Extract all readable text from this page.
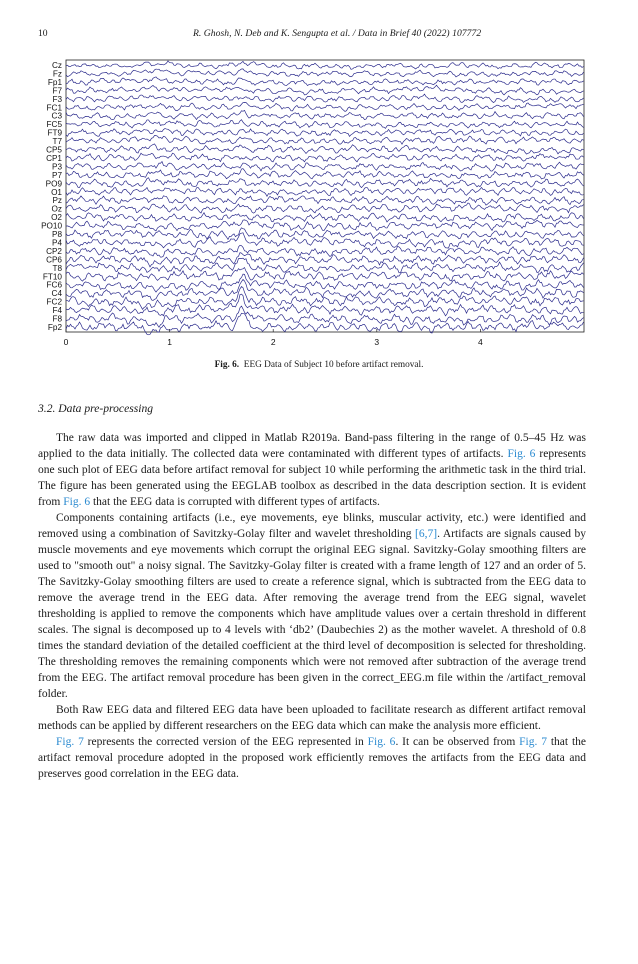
10	R. Ghosh, N. Deb and K. Sengupta et al. / Data in Brief 40 (2022) 107772
Cz
Fz
Fp1
F7
F3
FC1
C3
FC5
FT9
T7
CP5
CP1
P3
P7
PO9
O1
Pz
Oz
O2
PO10
P8
P4
CP2
CP6
T8
FT10
FC6
C4
FC2
F4
F8
Fp2
0	1	2	3	4
Fig. 6. EEG Data of Subject 10 before artifact removal.
3.2. Data pre-processing

The raw data was imported and clipped in Matlab R2019a. Band-pass filtering in the range of 0.5–45 Hz was applied to the data initially. The collected data were contaminated with different types of artifacts. Fig. 6 represents one such plot of EEG data before artifact removal for subject 10 while performing the arithmetic task in the third trial. The figure has been generated using the EEGLAB toolbox as described in the data description section. It is evident from Fig. 6 that the EEG data is corrupted with different types of artifacts.

Components containing artifacts (i.e., eye movements, eye blinks, muscular activity, etc.) were identified and removed using a combination of Savitzky-Golay filter and wavelet thresholding [6,7]. Artifacts are signals caused by muscle movements and eye movements which corrupt the original EEG signal. Savitzky-Golay smoothing filters are used to "smooth out" a noisy signal. The Savitzky-Golay filter is created with a frame length of 127 and an order of 5. The Savitzky-Golay smoothing filters are used to create a reference signal, which is subtracted from the EEG data to remove the average trend in the EEG data. After removing the average trend from the EEG signal, wavelet thresholding is applied to remove the components which have amplitude values over a certain threshold in different scales. The signal is decomposed up to 4 levels with ‘db2’ (Daubechies 2) as the mother wavelet. A threshold of 0.8 times the standard deviation of the detailed coefficient at the third level of decomposition is selected for thresholding. The thresholding removes the remaining components which were not removed after subtraction of the average trend from the EEG. The artifact removal procedure has been given in the correct_EEG.m file within the /artifact_removal folder.

Both Raw EEG data and filtered EEG data have been uploaded to facilitate research as different artifact removal methods can be applied by different researchers on the EEG data which can make the analysis more efficient.

Fig. 7 represents the corrected version of the EEG represented in Fig. 6. It can be observed from Fig. 7 that the artifact removal procedure adopted in the proposed work efficiently removes the artifacts from the EEG data and preserves good correlation in the EEG data.
